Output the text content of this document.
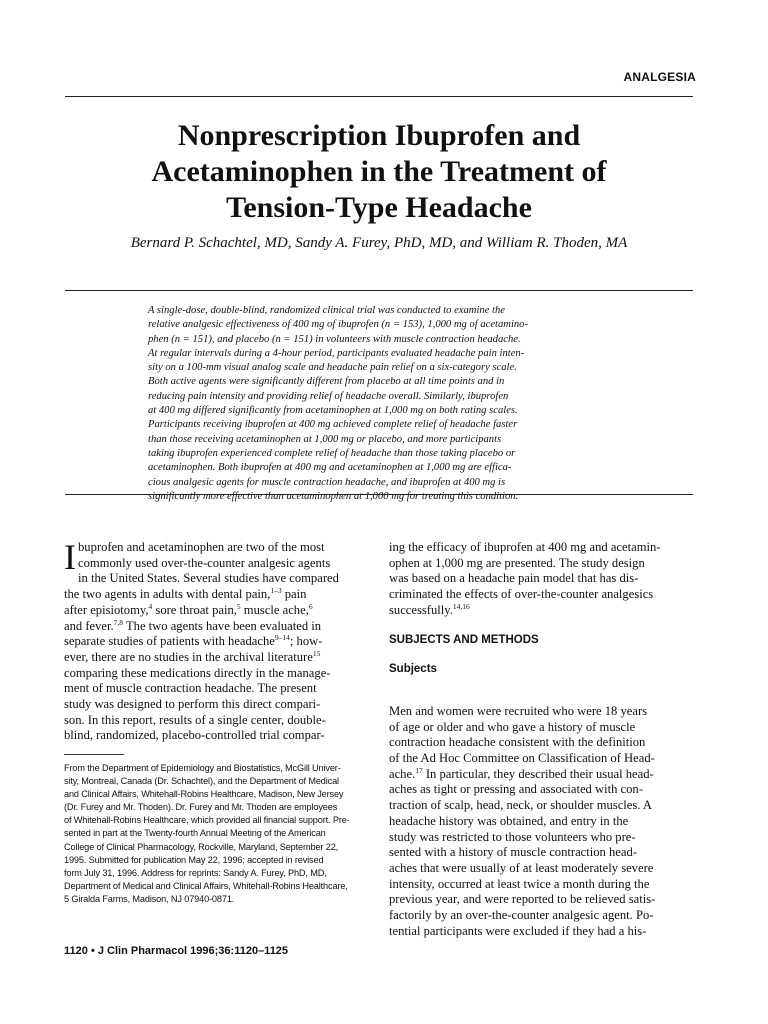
ANALGESIA
Nonprescription Ibuprofen and
Acetaminophen in the Treatment of
Tension-Type Headache
Bernard P. Schachtel, MD, Sandy A. Furey, PhD, MD, and William R. Thoden, MA
A single-dose, double-blind, randomized clinical trial was conducted to examine the
relative analgesic effectiveness of 400 mg of ibuprofen (n = 153), 1,000 mg of acetamino-
phen (n = 151), and placebo (n = 151) in volunteers with muscle contraction headache.
At regular intervals during a 4-hour period, participants evaluated headache pain inten-
sity on a 100-mm visual analog scale and headache pain relief on a six-category scale.
Both active agents were significantly different from placebo at all time points and in
reducing pain intensity and providing relief of headache overall. Similarly, ibuprofen
at 400 mg differed significantly from acetaminophen at 1,000 mg on both rating scales.
Participants receiving ibuprofen at 400 mg achieved complete relief of headache faster
than those receiving acetaminophen at 1,000 mg or placebo, and more participants
taking ibuprofen experienced complete relief of headache than those taking placebo or
acetaminophen. Both ibuprofen at 400 mg and acetaminophen at 1,000 mg are effica-
cious analgesic agents for muscle contraction headache, and ibuprofen at 400 mg is
significantly more effective than acetaminophen at 1,000 mg for treating this condition.
I buprofen and acetaminophen are two of the most
commonly used over-the-counter analgesic agents
in the United States. Several studies have compared
the two agents in adults with dental pain,$^{1-3}$ pain
after episiotomy,$^4$ sore throat pain,$^5$ muscle ache,$^6$
and fever.$^{7,8}$ The two agents have been evaluated in
separate studies of patients with headache$^{9-14}$; how-
ever, there are no studies in the archival literature$^{15}$
comparing these medications directly in the manage-
ment of muscle contraction headache. The present
study was designed to perform this direct compari-
son. In this report, results of a single center, double-
blind, randomized, placebo-controlled trial compar-
From the Department of Epidemiology and Biostatistics, McGill Univer-
sity, Montreal, Canada (Dr. Schachtel), and the Department of Medical
and Clinical Affairs, Whitehall-Robins Healthcare, Madison, New Jersey
(Dr. Furey and Mr. Thoden). Dr. Furey and Mr. Thoden are employees
of Whitehall-Robins Healthcare, which provided all financial support. Pre-
sented in part at the Twenty-fourth Annual Meeting of the American
College of Clinical Pharmacology, Rockville, Maryland, September 22,
1995. Submitted for publication May 22, 1996; accepted in revised
form July 31, 1996. Address for reprints: Sandy A. Furey, PhD, MD,
Department of Medical and Clinical Affairs, Whitehall-Robins Healthcare,
5 Giralda Farms, Madison, NJ 07940-0871.
ing the efficacy of ibuprofen at 400 mg and acetamin-
ophen at 1,000 mg are presented. The study design
was based on a headache pain model that has dis-
criminated the effects of over-the-counter analgesics
successfully.$^{14,16}$
SUBJECTS AND METHODS
Subjects
Men and women were recruited who were 18 years
of age or older and who gave a history of muscle
contraction headache consistent with the definition
of the Ad Hoc Committee on Classification of Head-
ache.$^{17}$ In particular, they described their usual head-
aches as tight or pressing and associated with con-
traction of scalp, head, neck, or shoulder muscles. A
headache history was obtained, and entry in the
study was restricted to those volunteers who pre-
sented with a history of muscle contraction head-
aches that were usually of at least moderately severe
intensity, occurred at least twice a month during the
previous year, and were reported to be relieved satis-
factorily by an over-the-counter analgesic agent. Po-
tential participants were excluded if they had a his-
1120 • J Clin Pharmacol 1996;36:1120–1125
